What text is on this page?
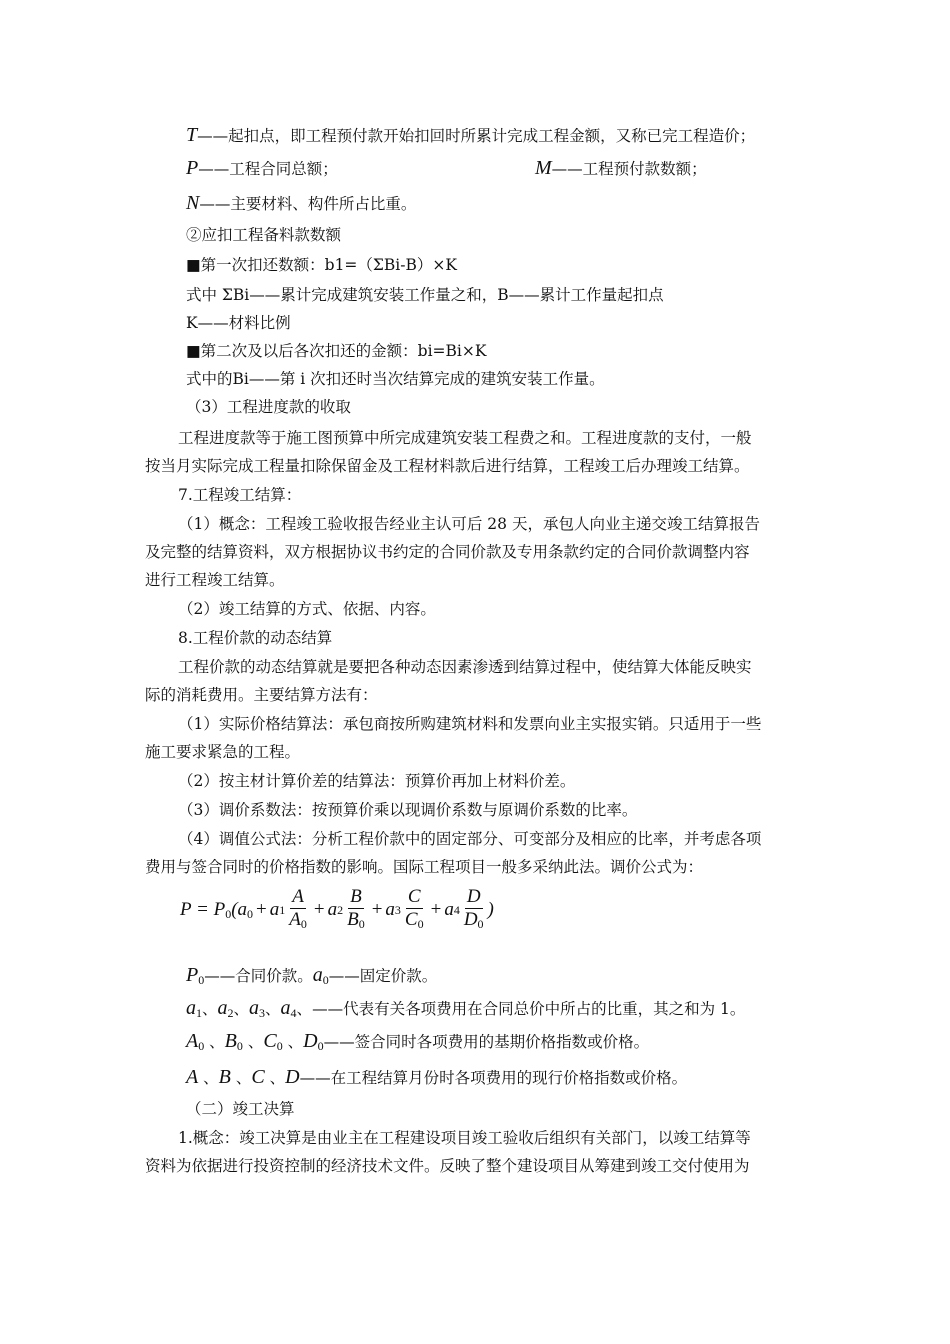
T——起扣点，即工程预付款开始扣回时所累计完成工程金额，又称已完工程造价；
P——工程合同总额；	M——工程预付款数额；
N——主要材料、构件所占比重。
②应扣工程备料款数额
■第一次扣还数额：b1=（ΣBi-B）×K
式中 ΣBi——累计完成建筑安装工作量之和，B——累计工作量起扣点
K——材料比例
■第二次及以后各次扣还的金额：bi=Bi×K
式中的Bi——第 i 次扣还时当次结算完成的建筑安装工作量。
（3）工程进度款的收取
工程进度款等于施工图预算中所完成建筑安装工程费之和。工程进度款的支付，一般
按当月实际完成工程量扣除保留金及工程材料款后进行结算，工程竣工后办理竣工结算。
7.工程竣工结算：
（1）概念：工程竣工验收报告经业主认可后 28 天，承包人向业主递交竣工结算报告
及完整的结算资料，双方根据协议书约定的合同价款及专用条款约定的合同价款调整内容
进行工程竣工结算。
（2）竣工结算的方式、依据、内容。
8.工程价款的动态结算
工程价款的动态结算就是要把各种动态因素渗透到结算过程中，使结算大体能反映实
际的消耗费用。主要结算方法有：
（1）实际价格结算法：承包商按所购建筑材料和发票向业主实报实销。只适用于一些
施工要求紧急的工程。
（2）按主材计算价差的结算法：预算价再加上材料价差。
（3）调价系数法：按预算价乘以现调价系数与原调价系数的比率。
（4）调值公式法：分析工程价款中的固定部分、可变部分及相应的比率，并考虑各项
费用与签合同时的价格指数的影响。国际工程项目一般多采纳此法。调价公式为：
$P = P_0$( $a_0 + a$ $1 \frac{A}{A_0} + a$ $2 \frac{B}{B_0} + a$ $3 \frac{C}{C_0} + a$ $4 \frac{D}{D_0}$ )
$P_0——$合同价款。$a_0——$固定价款。
$a_1$、$a_2$、$a_3$、$a_4$、——代表有关各项费用在合同总价中所占的比重，其之和为 1。
$A_0$ 、$B_0$ 、$C_0$ 、$D_0——$签合同时各项费用的基期价格指数或价格。
A 、B 、C 、D——在工程结算月份时各项费用的现行价格指数或价格。
（二）竣工决算
1.概念：竣工决算是由业主在工程建设项目竣工验收后组织有关部门，以竣工结算等
资料为依据进行投资控制的经济技术文件。反映了整个建设项目从筹建到竣工交付使用为
